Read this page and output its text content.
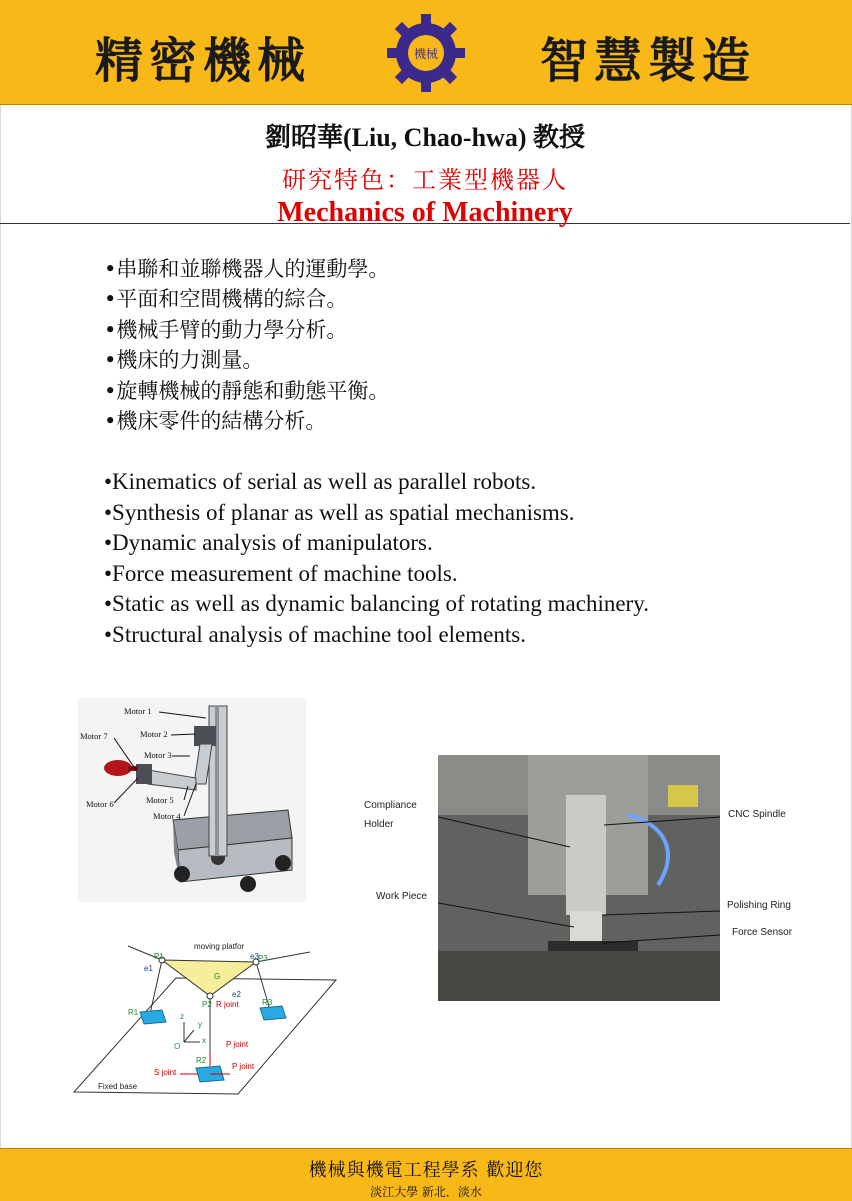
精密機械	機械 智慧製造
劉昭華(Liu, Chao-hwa) 教授
研究特色：工業型機器人
Mechanics of Machinery
•串聯和並聯機器人的運動學。
•平面和空間機構的綜合。
•機械手臂的動力學分析。
•機床的力測量。
•旋轉機械的靜態和動態平衡。
•機床零件的結構分析。
•Kinematics of serial as well as parallel robots.
•Synthesis of planar as well as spatial mechanisms.
•Dynamic analysis of manipulators.
•Force measurement of machine tools.
•Static as well as dynamic balancing of rotating machinery.
•Structural analysis of machine tool elements.
Motor 1
Motor 2
Motor 7
Motor 3
Motor 5
Motor 6
Motor 4
moving platfor
P1	P3
e1
e3
G
P2
e2
R joint
R1
R3
R2
P joint
P joint
S joint
Fixed base
O
x
y
z
Compliance
Holder
CNC Spindle
Work Piece
Polishing Ring
Force Sensor
機械與機電工程學系 歡迎您
淡江大學 新北．淡水
